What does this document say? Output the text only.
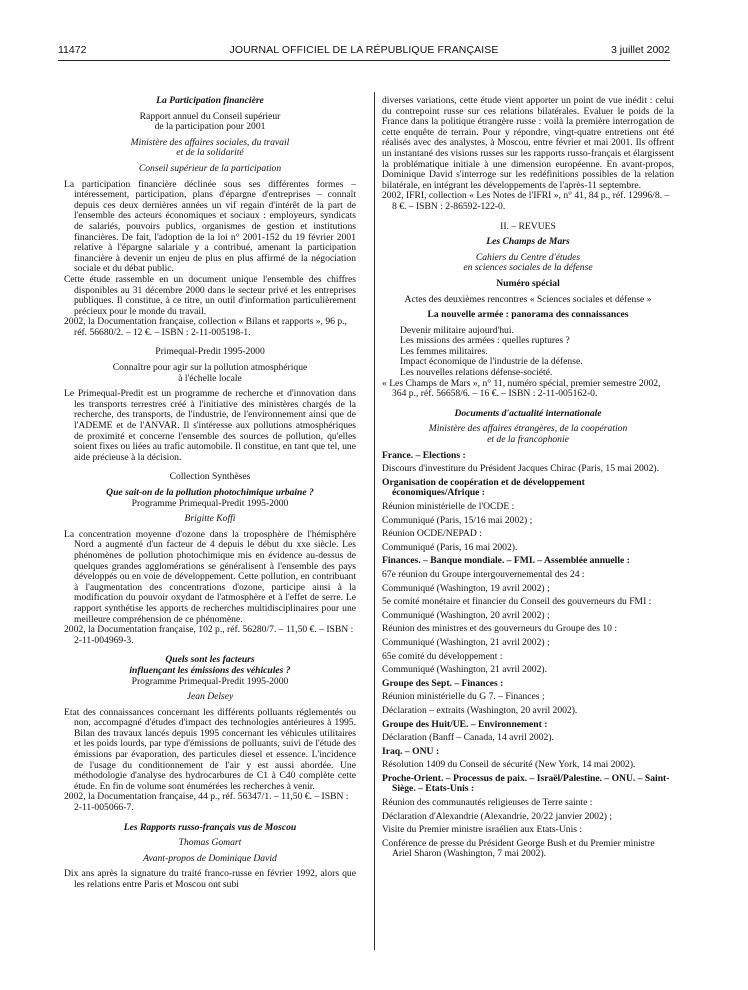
11472	JOURNAL OFFICIEL DE LA RÉPUBLIQUE FRANÇAISE	3 juillet 2002
La Participation financière
Rapport annuel du Conseil supérieur
de la participation pour 2001
Ministère des affaires sociales, du travail
et de la solidarité
Conseil supérieur de la participation
La participation financière déclinée sous ses différentes formes – intéressement, participation, plans d'épargne d'entreprises – connaît depuis ces deux dernières années un vif regain d'intérêt de la part de l'ensemble des acteurs économiques et sociaux : employeurs, syndicats de salariés, pouvoirs publics, organismes de gestion et institutions financières. De fait, l'adoption de la loi n° 2001-152 du 19 février 2001 relative à l'épargne salariale y a contribué, amenant la participation financière à devenir un enjeu de plus en plus affirmé de la négociation sociale et du débat public.
Cette étude rassemble en un document unique l'ensemble des chiffres disponibles au 31 décembre 2000 dans le secteur privé et les entreprises publiques. Il constitue, à ce titre, un outil d'information particulièrement précieux pour le monde du travail.
2002, la Documentation française, collection « Bilans et rapports », 96 p., réf. 56680/2. – 12 €. – ISBN : 2-11-005198-1.
Primequal-Predit 1995-2000
Connaître pour agir sur la pollution atmosphérique
à l'échelle locale
Le Primequal-Predit est un programme de recherche et d'innovation dans les transports terrestres créé à l'initiative des ministères chargés de la recherche, des transports, de l'industrie, de l'environnement ainsi que de l'ADEME et de l'ANVAR. Il s'intéresse aux pollutions atmosphériques de proximité et concerne l'ensemble des sources de pollution, qu'elles soient fixes ou liées au trafic automobile. Il constitue, en tant que tel, une aide précieuse à la décision.
Collection Synthèses
Que sait-on de la pollution photochimique urbaine ?
Programme Primequal-Predit 1995-2000
Brigitte Koffi
La concentration moyenne d'ozone dans la troposphère de l'hémisphère Nord a augmenté d'un facteur de 4 depuis le début du xxe siècle. Les phénomènes de pollution photochimique mis en évidence au-dessus de quelques grandes agglomérations se généralisent à l'ensemble des pays développés ou en voie de développement. Cette pollution, en contribuant à l'augmentation des concentrations d'ozone, participe ainsi à la modification du pouvoir oxydant de l'atmosphère et à l'effet de serre. Le rapport synthétise les apports de recherches multidisciplinaires pour une meilleure compréhension de ce phénomène.
2002, la Documentation française, 102 p., réf. 56280/7. – 11,50 €. – ISBN : 2-11-004969-3.
Quels sont les facteurs
influençant les émissions des véhicules ?
Programme Primequal-Predit 1995-2000
Jean Delsey
Etat des connaissances concernant les différents polluants réglementés ou non, accompagné d'études d'impact des technologies antérieures à 1995. Bilan des travaux lancés depuis 1995 concernant les véhicules utilitaires et les poids lourds, par type d'émissions de polluants, suivi de l'étude des émissions par évaporation, des particules diesel et essence. L'incidence de l'usage du conditionnement de l'air y est aussi abordée. Une méthodologie d'analyse des hydrocarbures de C1 à C40 complète cette étude. En fin de volume sont énumérées les recherches à venir.
2002, la Documentation française, 44 p., réf. 56347/1. – 11,50 €. – ISBN : 2-11-005066-7.
Les Rapports russo-français vus de Moscou
Thomas Gomart
Avant-propos de Dominique David
Dix ans après la signature du traité franco-russe en février 1992, alors que les relations entre Paris et Moscou ont subi
diverses variations, cette étude vient apporter un point de vue inédit : celui du contrepoint russe sur ces relations bilatérales. Evaluer le poids de la France dans la politique étrangère russe : voilà la première interrogation de cette enquête de terrain. Pour y répondre, vingt-quatre entretiens ont été réalisés avec des analystes, à Moscou, entre février et mai 2001. Ils offrent un instantané des visions russes sur les rapports russo-français et élargissent la problématique initiale à une dimension européenne. En avant-propos, Dominique David s'interroge sur les redéfinitions possibles de la relation bilatérale, en intégrant les développements de l'après-11 septembre.
2002, IFRI, collection « Les Notes de l'IFRI », n° 41, 84 p., réf. 12996/8. – 8 €. – ISBN : 2-86592-122-0.
II. – REVUES
Les Champs de Mars
Cahiers du Centre d'études
en sciences sociales de la défense
Numéro spécial
Actes des deuxièmes rencontres « Sciences sociales et défense »
La nouvelle armée : panorama des connaissances
Devenir militaire aujourd'hui.
Les missions des armées : quelles ruptures ?
Les femmes militaires.
Impact économique de l'industrie de la défense.
Les nouvelles relations défense-société.
« Les Champs de Mars », n° 11, numéro spécial, premier semestre 2002, 364 p., réf. 56658/6. – 16 €. – ISBN : 2-11-005162-0.
Documents d'actualité internationale
Ministère des affaires étrangères, de la coopération
et de la francophonie
France. – Elections :
Discours d'investiture du Président Jacques Chirac (Paris, 15 mai 2002).
Organisation de coopération et de développement économiques/Afrique :
Réunion ministérielle de l'OCDE :
Communiqué (Paris, 15/16 mai 2002) ;
Réunion OCDE/NEPAD :
Communiqué (Paris, 16 mai 2002).
Finances. – Banque mondiale. – FMI. – Assemblée annuelle :
67e réunion du Groupe intergouvernemental des 24 :
Communiqué (Washington, 19 avril 2002) ;
5e comité monétaire et financier du Conseil des gouverneurs du FMI :
Communiqué (Washington, 20 avril 2002) ;
Réunion des ministres et des gouverneurs du Groupe des 10 :
Communiqué (Washington, 21 avril 2002) ;
65e comité du développement :
Communiqué (Washington, 21 avril 2002).
Groupe des Sept. – Finances :
Réunion ministérielle du G 7. – Finances ;
Déclaration – extraits (Washington, 20 avril 2002).
Groupe des Huit/UE. – Environnement :
Déclaration (Banff – Canada, 14 avril 2002).
Iraq. – ONU :
Résolution 1409 du Conseil de sécurité (New York, 14 mai 2002).
Proche-Orient. – Processus de paix. – Israël/Palestine. – ONU. – Saint-Siège. – Etats-Unis :
Réunion des communautés religieuses de Terre sainte :
Déclaration d'Alexandrie (Alexandrie, 20/22 janvier 2002) ;
Visite du Premier ministre israélien aux Etats-Unis :
Conférence de presse du Président George Bush et du Premier ministre Ariel Sharon (Washington, 7 mai 2002).
